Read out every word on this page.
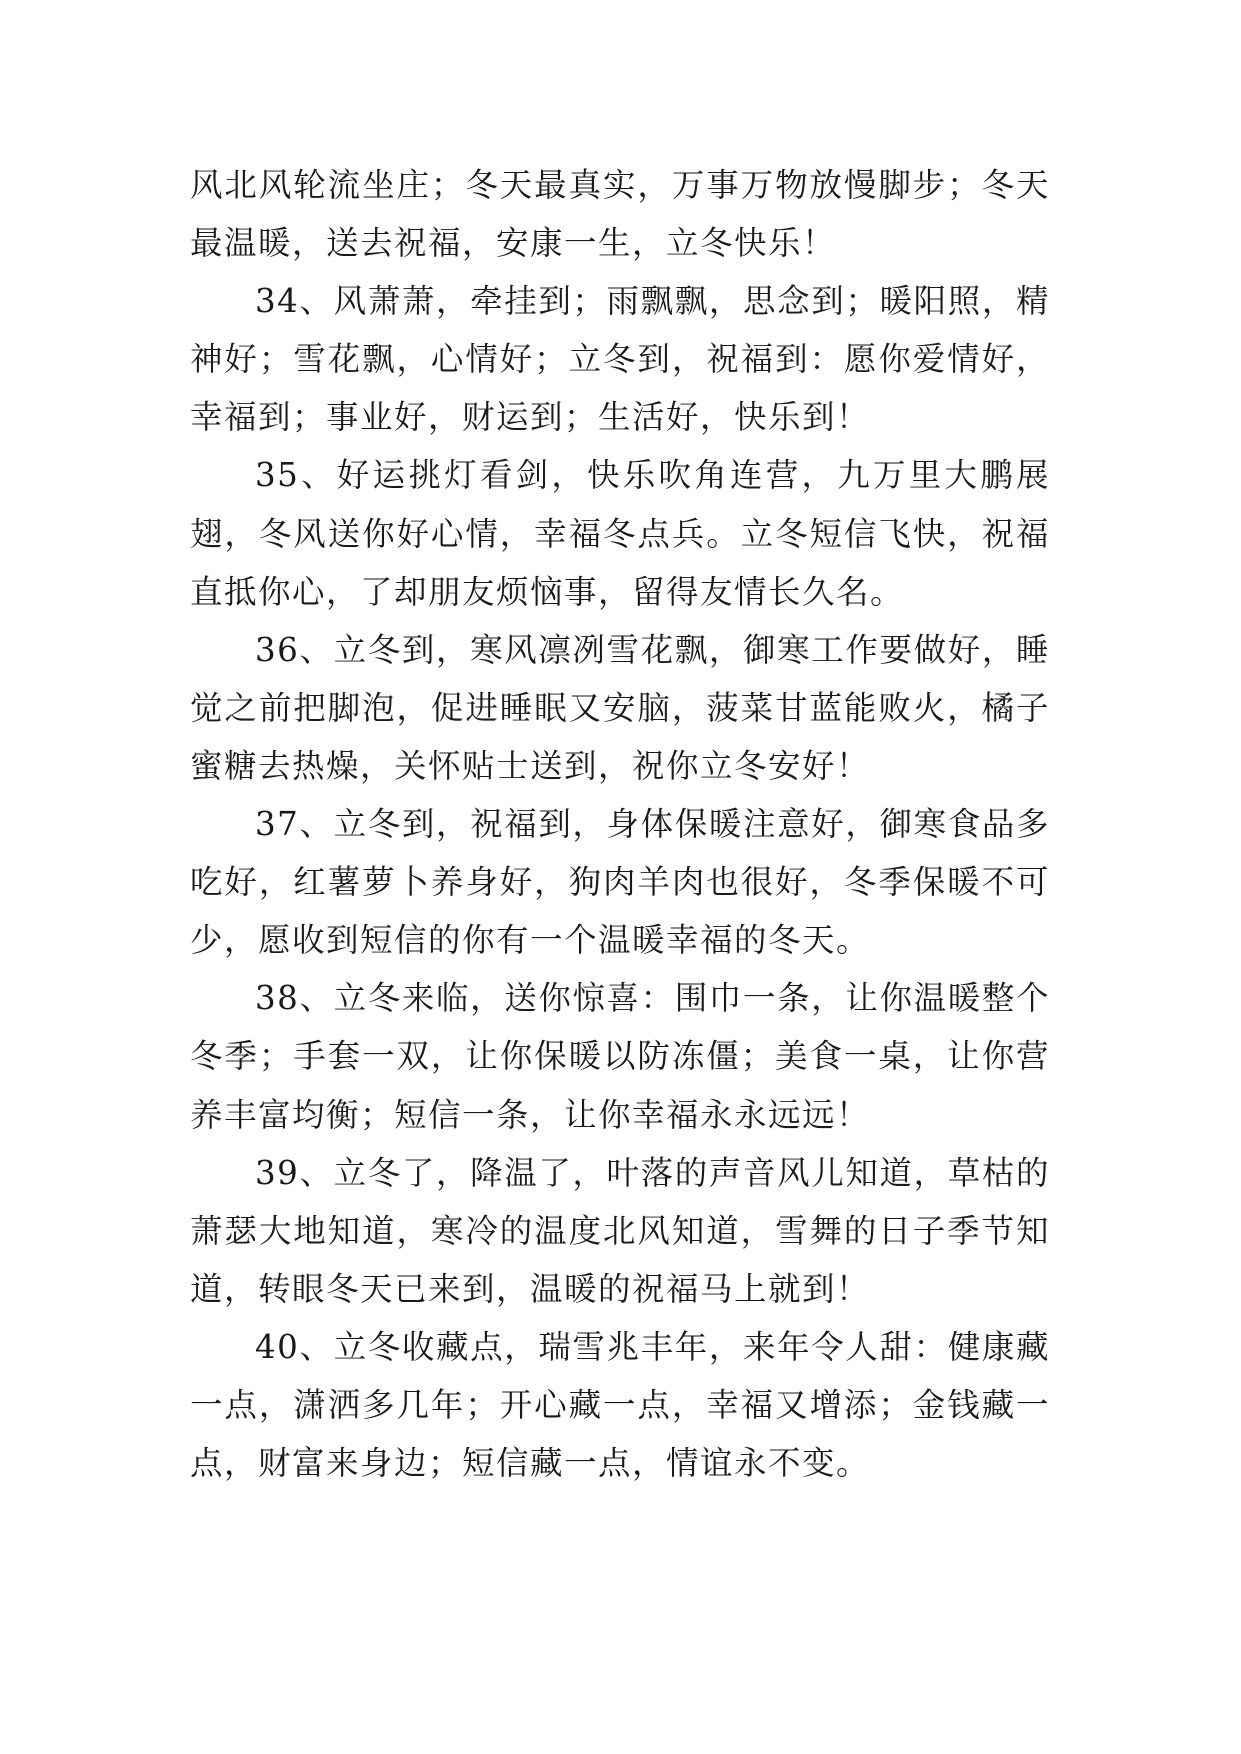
风北风轮流坐庄；冬天最真实，万事万物放慢脚步；冬天最温暖，送去祝福，安康一生，立冬快乐！

34、风萧萧，牵挂到；雨飘飘，思念到；暖阳照，精神好；雪花飘，心情好；立冬到，祝福到：愿你爱情好，幸福到；事业好，财运到；生活好，快乐到！

35、好运挑灯看剑，快乐吹角连营，九万里大鹏展翅，冬风送你好心情，幸福冬点兵。立冬短信飞快，祝福直抵你心，了却朋友烦恼事，留得友情长久名。

36、立冬到，寒风凛冽雪花飘，御寒工作要做好，睡觉之前把脚泡，促进睡眠又安脑，菠菜甘蓝能败火，橘子蜜糖去热燥，关怀贴士送到，祝你立冬安好！

37、立冬到，祝福到，身体保暖注意好，御寒食品多吃好，红薯萝卜养身好，狗肉羊肉也很好，冬季保暖不可少，愿收到短信的你有一个温暖幸福的冬天。

38、立冬来临，送你惊喜：围巾一条，让你温暖整个冬季；手套一双，让你保暖以防冻僵；美食一桌，让你营养丰富均衡；短信一条，让你幸福永永远远！

39、立冬了，降温了，叶落的声音风儿知道，草枯的萧瑟大地知道，寒冷的温度北风知道，雪舞的日子季节知道，转眼冬天已来到，温暖的祝福马上就到！

40、立冬收藏点，瑞雪兆丰年，来年令人甜：健康藏一点，潇洒多几年；开心藏一点，幸福又增添；金钱藏一点，财富来身边；短信藏一点，情谊永不变。
